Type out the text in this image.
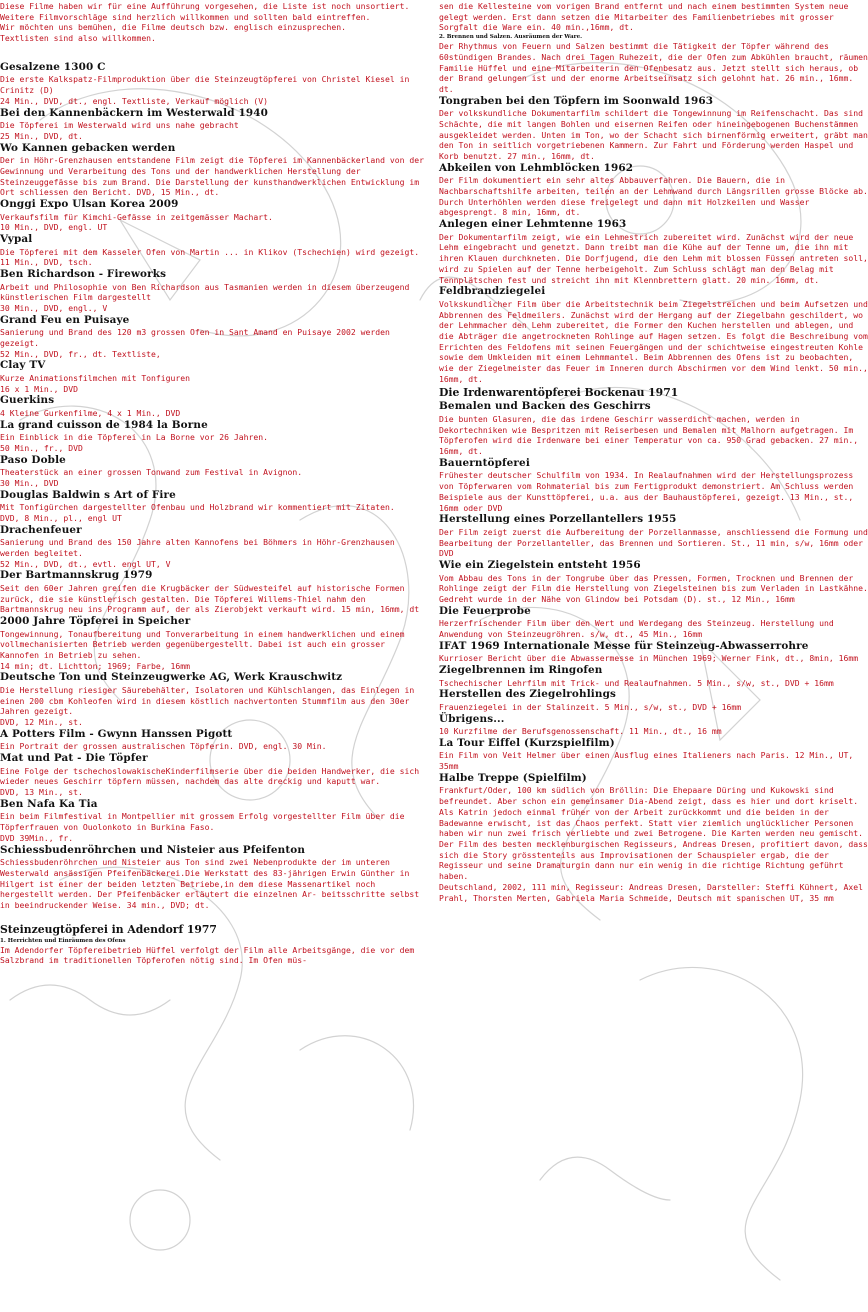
Diese Filme haben wir für eine Aufführung vorgesehen, die Liste ist noch unsortiert.
Weitere Filmvorschläge sind herzlich willkommen und sollten bald eintreffen.
Wir möchten uns bemühen, die Filme deutsch bzw. englisch einzusprechen.
Textlisten sind also willkommen.
Gesalzene 1300 C
Die erste Kalkspatz-Filmproduktion über die Steinzeugtöpferei von Christel Kiesel in Crinitz (D)
24 Min., DVD, dt., engl. Textliste, Verkauf möglich (V)
Bei den Kannenbäckern im Westerwald 1940
Die Töpferei im Westerwald wird uns nahe gebracht
25 Min., DVD, dt.
Wo Kannen gebacken werden
Der in Höhr-Grenzhausen entstandene Film zeigt die Töpferei im Kannenbäckerland von der Gewinnung und Verarbeitung des Tons und der handwerklichen Herstellung der Steinzeuggefässe bis zum Brand. Die Darstellung der kunsthandwerklichen Entwicklung im Ort schliessen den Bericht. DVD, 15 Min., dt.
Onggi Expo Ulsan Korea 2009
Verkaufsfilm für Kimchi-Gefässe in zeitgemässer Machart.
10 Min., DVD, engl. UT
Vypal
Die Töpferei mit dem Kasseler Ofen von Martin ... in Klikov (Tschechien) wird gezeigt.
11 Min., DVD, tsch.
Ben Richardson - Fireworks
Arbeit und Philosophie von Ben Richardson aus Tasmanien werden in diesem überzeugend künstlerischen Film dargestellt
30 Min., DVD, engl., V
Grand Feu en Puisaye
Sanierung und Brand des 120 m3 grossen Ofen in Sant Amand en Puisaye 2002 werden gezeigt.
52 Min., DVD, fr., dt. Textliste,
Clay TV
Kurze Animationsfilmchen mit Tonfiguren
16 x 1 Min., DVD
Guerkins
4 Kleine Gurkenfilme, 4 x 1 Min., DVD
La grand cuisson de 1984 la Borne
Ein Einblick in die Töpferei in La Borne vor 26 Jahren.
50 Min., fr., DVD
Paso Doble
Theaterstück an einer grossen Tonwand zum Festival in Avignon.
30 Min., DVD
Douglas Baldwin s Art of Fire
Mit Tonfigürchen dargestellter Ofenbau und Holzbrand wir kommentiert mit Zitaten.
DVD, 8 Min., pl., engl UT
Drachenfeuer
Sanierung und Brand des 150 Jahre alten Kannofens bei Böhmers in Höhr-Grenzhausen werden begleitet.
52 Min., DVD, dt., evtl. engl UT, V
Der Bartmannskrug 1979
Seit den 60er Jahren greifen die Krugbäcker der Südwesteifel auf historische Formen zurück, die sie künstlerisch gestalten. Die Töpferei Willems-Thiel nahm den Bartmannskrug neu ins Programm auf, der als Zierobjekt verkauft wird. 15 min, 16mm, dt
2000 Jahre Töpferei in Speicher
Tongewinnung, Tonaufbereitung und Tonverarbeitung in einem handwerklichen und einem vollmechanisierten Betrieb werden gegenübergestellt. Dabei ist auch ein grosser Kannofen in Betrieb zu sehen.
14 min; dt. Lichtton; 1969; Farbe, 16mm
Deutsche Ton und Steinzeugwerke AG, Werk Krauschwitz
Die Herstellung riesiger Säurebehälter, Isolatoren und Kühlschlangen, das Einlegen in einen 200 cbm Kohleofen wird in diesem köstlich nachvertonten Stummfilm aus den 30er Jahren gezeigt.
DVD, 12 Min., st.
A Potters Film - Gwynn Hanssen Pigott
Ein Portrait der grossen australischen Töpferin. DVD, engl. 30 Min.
Mat und Pat - Die Töpfer
Eine Folge der tschechoslowakischeKinderfilmserie über die beiden Handwerker, die sich wieder neues Geschirr töpfern müssen, nachdem das alte dreckig und kaputt war.
DVD, 13 Min., st.
Ben Nafa Ka Tia
Ein beim Filmfestival in Montpellier mit grossem Erfolg vorgestellter Film über die Töpferfrauen von Ouolonkoto in Burkina Faso.
DVD 39Min., fr.
Schiessbudenröhrchen und Nisteier aus Pfeifenton
Schiessbudenröhrchen und Nisteier aus Ton sind zwei Nebenprodukte der im unteren Westerwald ansässigen Pfeifenbäckerei.Die Werkstatt des 83-jährigen Erwin Günther in Hilgert ist einer der beiden letzten Betriebe,in dem diese Massenartikel noch hergestellt werden. Der Pfeifenbäcker erläutert die einzelnen Ar- beitsschritte selbst in beeindruckender Weise. 34 min., DVD; dt.
Steinzeugtöpferei in Adendorf 1977
1. Herrichten und Einräumen des Ofens
Im Adendorfer Töpfereibetrieb Hüffel verfolgt der Film alle Arbeitsgänge, die vor dem Salzbrand im traditionellen Töpferofen nötig sind. Im Ofen müs-
sen die Kellesteine vom vorigen Brand entfernt und nach einem bestimmten System neue gelegt werden. Erst dann setzen die Mitarbeiter des Familienbetriebes mit grosser Sorgfalt die Ware ein. 40 min.,16mm, dt.
2. Brennen und Salzen. Ausräumen der Ware.
Der Rhythmus von Feuern und Salzen bestimmt die Tätigkeit der Töpfer während des 60stündigen Brandes. Nach drei Tagen Ruhezeit, die der Ofen zum Abkühlen braucht, räumen Familie Hüffel und eine Mitarbeiterin den Ofenbesatz aus. Jetzt stellt sich heraus, ob der Brand gelungen ist und der enorme Arbeitseinsatz sich gelohnt hat. 26 min., 16mm. dt.
Tongraben bei den Töpfern im Soonwald 1963
Der volkskundliche Dokumentarfilm schildert die Tongewinnung im Reifenschacht. Das sind Schächte, die mit langen Bohlen und eisernen Reifen oder hineingebogenen Buchenstämmen ausgekleidet werden. Unten im Ton, wo der Schacht sich birnenförmig erweitert, gräbt man den Ton in seitlich vorgetriebenen Kammern. Zur Fahrt und Förderung werden Haspel und Korb benutzt. 27 min., 16mm, dt.
Abkeilen von Lehmblöcken 1962
Der Film dokumentiert ein sehr altes Abbauverfahren. Die Bauern, die in Nachbarschaftshilfe arbeiten, teilen an der Lehmwand durch Längsrillen grosse Blöcke ab. Durch Unterhöhlen werden diese freigelegt und dann mit Holzkeilen und Wasser abgesprengt. 8 min, 16mm, dt.
Anlegen einer Lehmtenne 1963
Der Dokumentarfilm zeigt, wie ein Lehmestrich zubereitet wird. Zunächst wird der neue Lehm eingebracht und genetzt. Dann treibt man die Kühe auf der Tenne um, die ihn mit ihren Klauen durchkneten. Die Dorfjugend, die den Lehm mit blossen Füssen antreten soll, wird zu Spielen auf der Tenne herbeigeholt. Zum Schluss schlägt man den Belag mit Tennplätschen fest und streicht ihn mit Klennbrettern glatt. 20 min. 16mm, dt.
Feldbrandziegelei
Volkskundlicher Film über die Arbeitstechnik beim Ziegelstreichen und beim Aufsetzen und Abbrennen des Feldmeilers. Zunächst wird der Hergang auf der Ziegelbahn geschildert, wo der Lehmmacher den Lehm zubereitet, die Former den Kuchen herstellen und ablegen, und die Abträger die angetrockneten Rohlinge auf Hagen setzen. Es folgt die Beschreibung vom Errichten des Feldofens mit seinen Feuergängen und der schichtweise eingestreuten Kohle sowie dem Umkleiden mit einem Lehmmantel. Beim Abbrennen des Ofens ist zu beobachten, wie der Ziegelmeister das Feuer im Inneren durch Abschirmen vor dem Wind lenkt. 50 min., 16mm, dt.
Die Irdenwarentöpferei Bockenau 1971
Bemalen und Backen des Geschirrs
Die bunten Glasuren, die das irdene Geschirr wasserdicht machen, werden in Dekortechniken wie Bespritzen mit Reiserbesen und Bemalen mit Malhorn aufgetragen. Im Töpferofen wird die Irdenware bei einer Temperatur von ca. 950 Grad gebacken. 27 min., 16mm, dt.
Bauerntöpferei
Frühester deutscher Schulfilm von 1934. In Realaufnahmen wird der Herstellungsprozess von Töpferwaren vom Rohmaterial bis zum Fertigprodukt demonstriert. Am Schluss werden Beispiele aus der Kunsttöpferei, u.a. aus der Bauhaustöpferei, gezeigt. 13 Min., st., 16mm oder DVD
Herstellung eines Porzellantellers 1955
Der Film zeigt zuerst die Aufbereitung der Porzellanmasse, anschliessend die Formung und Bearbeitung der Porzellanteller, das Brennen und Sortieren. St., 11 min, s/w, 16mm oder DVD
Wie ein Ziegelstein entsteht 1956
Vom Abbau des Tons in der Tongrube über das Pressen, Formen, Trocknen und Brennen der Rohlinge zeigt der Film die Herstellung von Ziegelsteinen bis zum Verladen in Lastkähne. Gedreht wurde in der Nähe von Glindow bei Potsdam (D). st., 12 Min., 16mm
Die Feuerprobe
Herzerfrischender Film über den Wert und Werdegang des Steinzeug. Herstellung und Anwendung von Steinzeugröhren. s/w, dt., 45 Min., 16mm
IFAT 1969 Internationale Messe für Steinzeug-Abwasserrohre
Kurrioser Bericht über die Abwassermesse in München 1969; Werner Fink, dt., 8min, 16mm
Ziegelbrennen im Ringofen
Tschechischer Lehrfilm mit Trick- und Realaufnahmen. 5 Min., s/w, st., DVD + 16mm
Herstellen des Ziegelrohlings
Frauenziegelei in der Stalinzeit. 5 Min., s/w, st., DVD + 16mm
Übrigens...
10 Kurzfilme der Berufsgenossenschaft. 11 Min., dt., 16 mm
La Tour Eiffel (Kurzspielfilm)
Ein Film von Veit Helmer über einen Ausflug eines Italieners nach Paris. 12 Min., UT, 35mm
Halbe Treppe (Spielfilm)
Frankfurt/Oder, 100 km südlich von Bröllin: Die Ehepaare Düring und Kukowski sind befreundet. Aber schon ein gemeinsamer Dia-Abend zeigt, dass es hier und dort kriselt. Als Katrin jedoch einmal früher von der Arbeit zurückkommt und die beiden in der Badewanne erwischt, ist das Chaos perfekt. Statt vier ziemlich unglücklicher Personen haben wir nun zwei frisch verliebte und zwei Betrogene. Die Karten werden neu gemischt. Der Film des besten mecklenburgischen Regisseurs, Andreas Dresen, profitiert davon, dass sich die Story grösstenteils aus Improvisationen der Schauspieler ergab, die der Regisseur und seine Dramaturgin dann nur ein wenig in die richtige Richtung geführt haben.
Deutschland, 2002, 111 min, Regisseur: Andreas Dresen, Darsteller: Steffi Kühnert, Axel Prahl, Thorsten Merten, Gabriela Maria Schmeide, Deutsch mit spanischen UT, 35 mm
